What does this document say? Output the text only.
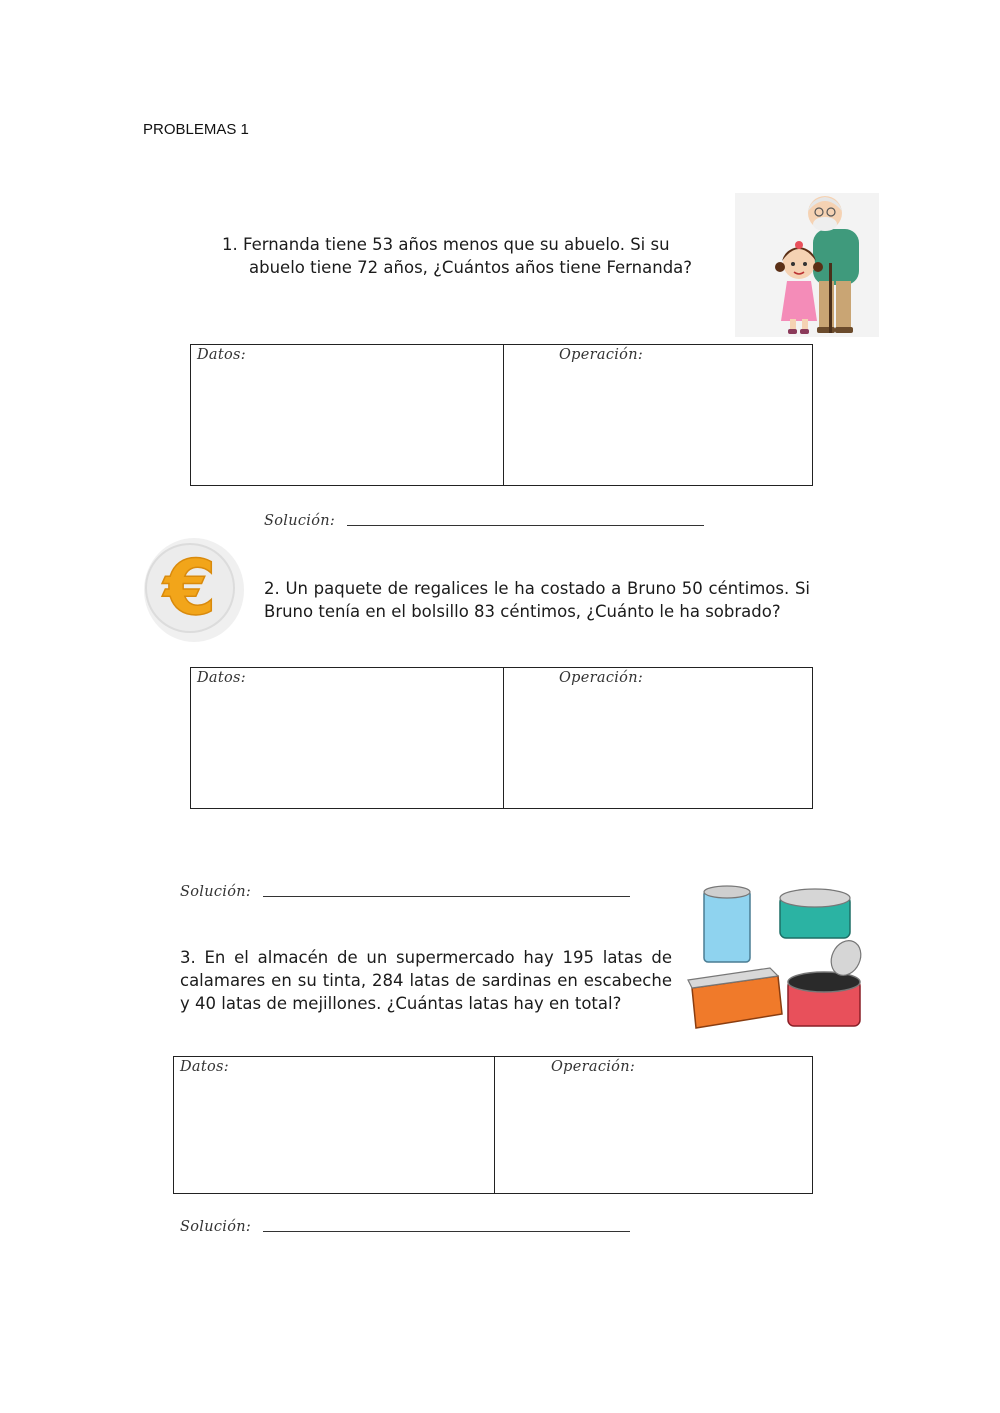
PROBLEMAS 1
1. Fernanda tiene 53 años menos que su abuelo. Si su
abuelo tiene 72 años, ¿Cuántos años tiene Fernanda?
Datos:	Operación:
Solución:
€	2. Un paquete de regalices le ha costado a Bruno 50 céntimos. Si Bruno tenía en el bolsillo 83 céntimos, ¿Cuánto le ha sobrado?
Datos:	Operación:
Solución:
3. En el almacén de un supermercado hay 195 latas de calamares en su tinta, 284 latas de sardinas en escabeche y 40 latas de mejillones. ¿Cuántas latas hay en total?
Datos:	Operación:
Solución:
